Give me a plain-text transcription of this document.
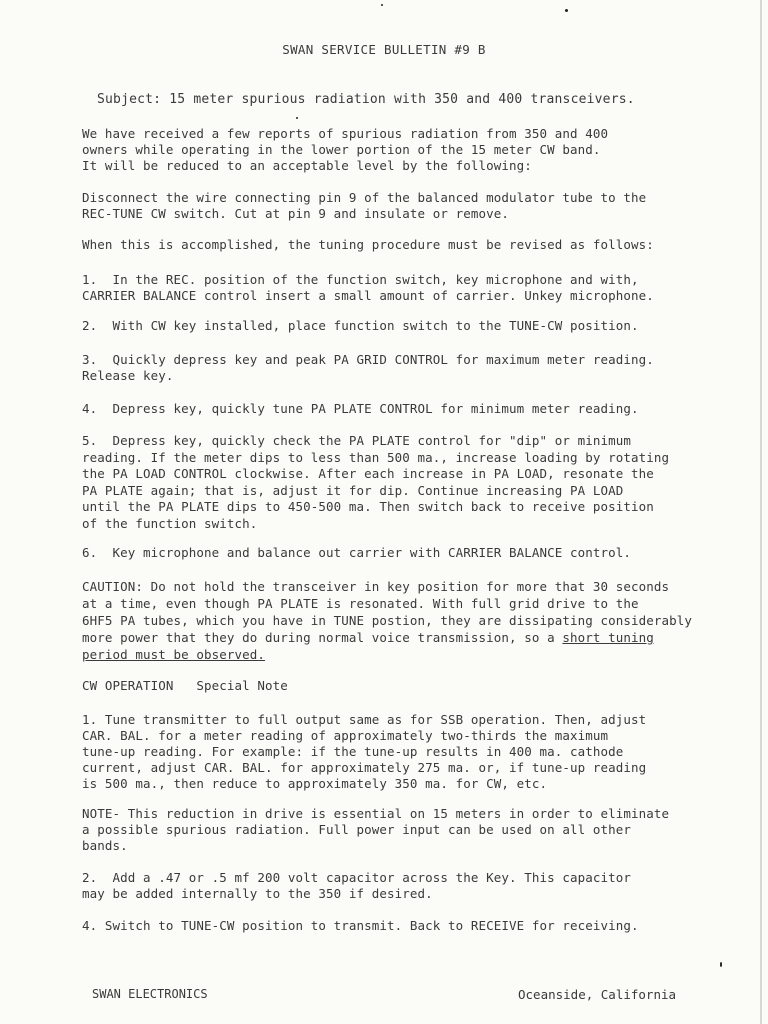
SWAN SERVICE BULLETIN #9 B
Subject: 15 meter spurious radiation with 350 and 400 transceivers.
We have received a few reports of spurious radiation from 350 and 400
owners while operating in the lower portion of the 15 meter CW band.
It will be reduced to an acceptable level by the following:
Disconnect the wire connecting pin 9 of the balanced modulator tube to the
REC-TUNE CW switch. Cut at pin 9 and insulate or remove.
When this is accomplished, the tuning procedure must be revised as follows:
1.  In the REC. position of the function switch, key microphone and with,
CARRIER BALANCE control insert a small amount of carrier. Unkey microphone.
2.  With CW key installed, place function switch to the TUNE-CW position.
3.  Quickly depress key and peak PA GRID CONTROL for maximum meter reading.
Release key.
4.  Depress key, quickly tune PA PLATE CONTROL for minimum meter reading.
5.  Depress key, quickly check the PA PLATE control for "dip" or minimum
reading. If the meter dips to less than 500 ma., increase loading by rotating
the PA LOAD CONTROL clockwise. After each increase in PA LOAD, resonate the
PA PLATE again; that is, adjust it for dip. Continue increasing PA LOAD
until the PA PLATE dips to 450-500 ma. Then switch back to receive position
of the function switch.
6.  Key microphone and balance out carrier with CARRIER BALANCE control.
CAUTION: Do not hold the transceiver in key position for more that 30 seconds
at a time, even though PA PLATE is resonated. With full grid drive to the
6HF5 PA tubes, which you have in TUNE postion, they are dissipating considerably
more power that they do during normal voice transmission, so a short tuning
period must be observed.
CW OPERATION   Special Note
1. Tune transmitter to full output same as for SSB operation. Then, adjust
CAR. BAL. for a meter reading of approximately two-thirds the maximum
tune-up reading. For example: if the tune-up results in 400 ma. cathode
current, adjust CAR. BAL. for approximately 275 ma. or, if tune-up reading
is 500 ma., then reduce to approximately 350 ma. for CW, etc.
NOTE- This reduction in drive is essential on 15 meters in order to eliminate
a possible spurious radiation. Full power input can be used on all other
bands.
2.  Add a .47 or .5 mf 200 volt capacitor across the Key. This capacitor
may be added internally to the 350 if desired.
4. Switch to TUNE-CW position to transmit. Back to RECEIVE for receiving.
SWAN ELECTRONICS	Oceanside, California
